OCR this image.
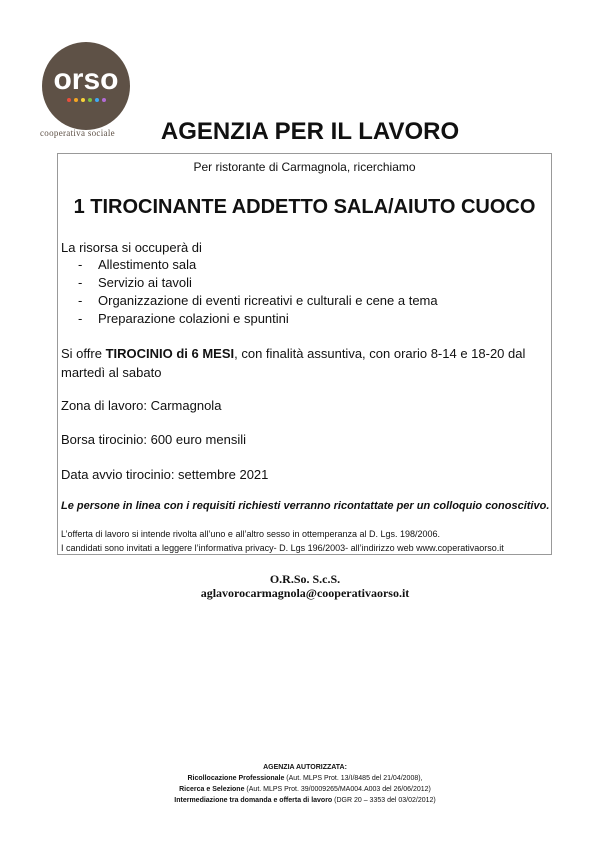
orso
cooperativa sociale	AGENZIA PER IL LAVORO
Per ristorante di Carmagnola, ricerchiamo
1 TIROCINANTE ADDETTO SALA/AIUTO CUOCO
La risorsa si occuperà di
-	Allestimento sala
-	Servizio ai tavoli
-	Organizzazione di eventi ricreativi e culturali e cene a tema
-	Preparazione colazioni e spuntini
Si offre TIROCINIO di 6 MESI, con finalità assuntiva, con orario 8-14 e 18-20 dal martedì al sabato
Zona di lavoro: Carmagnola
Borsa tirocinio: 600 euro mensili
Data avvio tirocinio: settembre 2021
Le persone in linea con i requisiti richiesti verranno ricontattate per un colloquio conoscitivo.
L’offerta di lavoro si intende rivolta all’uno e all’altro sesso in ottemperanza al D. Lgs. 198/2006.
I candidati sono invitati a leggere l’informativa privacy- D. Lgs 196/2003- all’indirizzo web www.coperativaorso.it
O.R.So. S.c.S.
aglavorocarmagnola@cooperativaorso.it
AGENZIA AUTORIZZATA:
Ricollocazione Professionale (Aut. MLPS Prot. 13/I/8485 del 21/04/2008),
Ricerca e Selezione (Aut. MLPS Prot. 39/0009265/MA004.A003 del 26/06/2012)
Intermediazione tra domanda e offerta di lavoro (DGR 20 – 3353 del 03/02/2012)
